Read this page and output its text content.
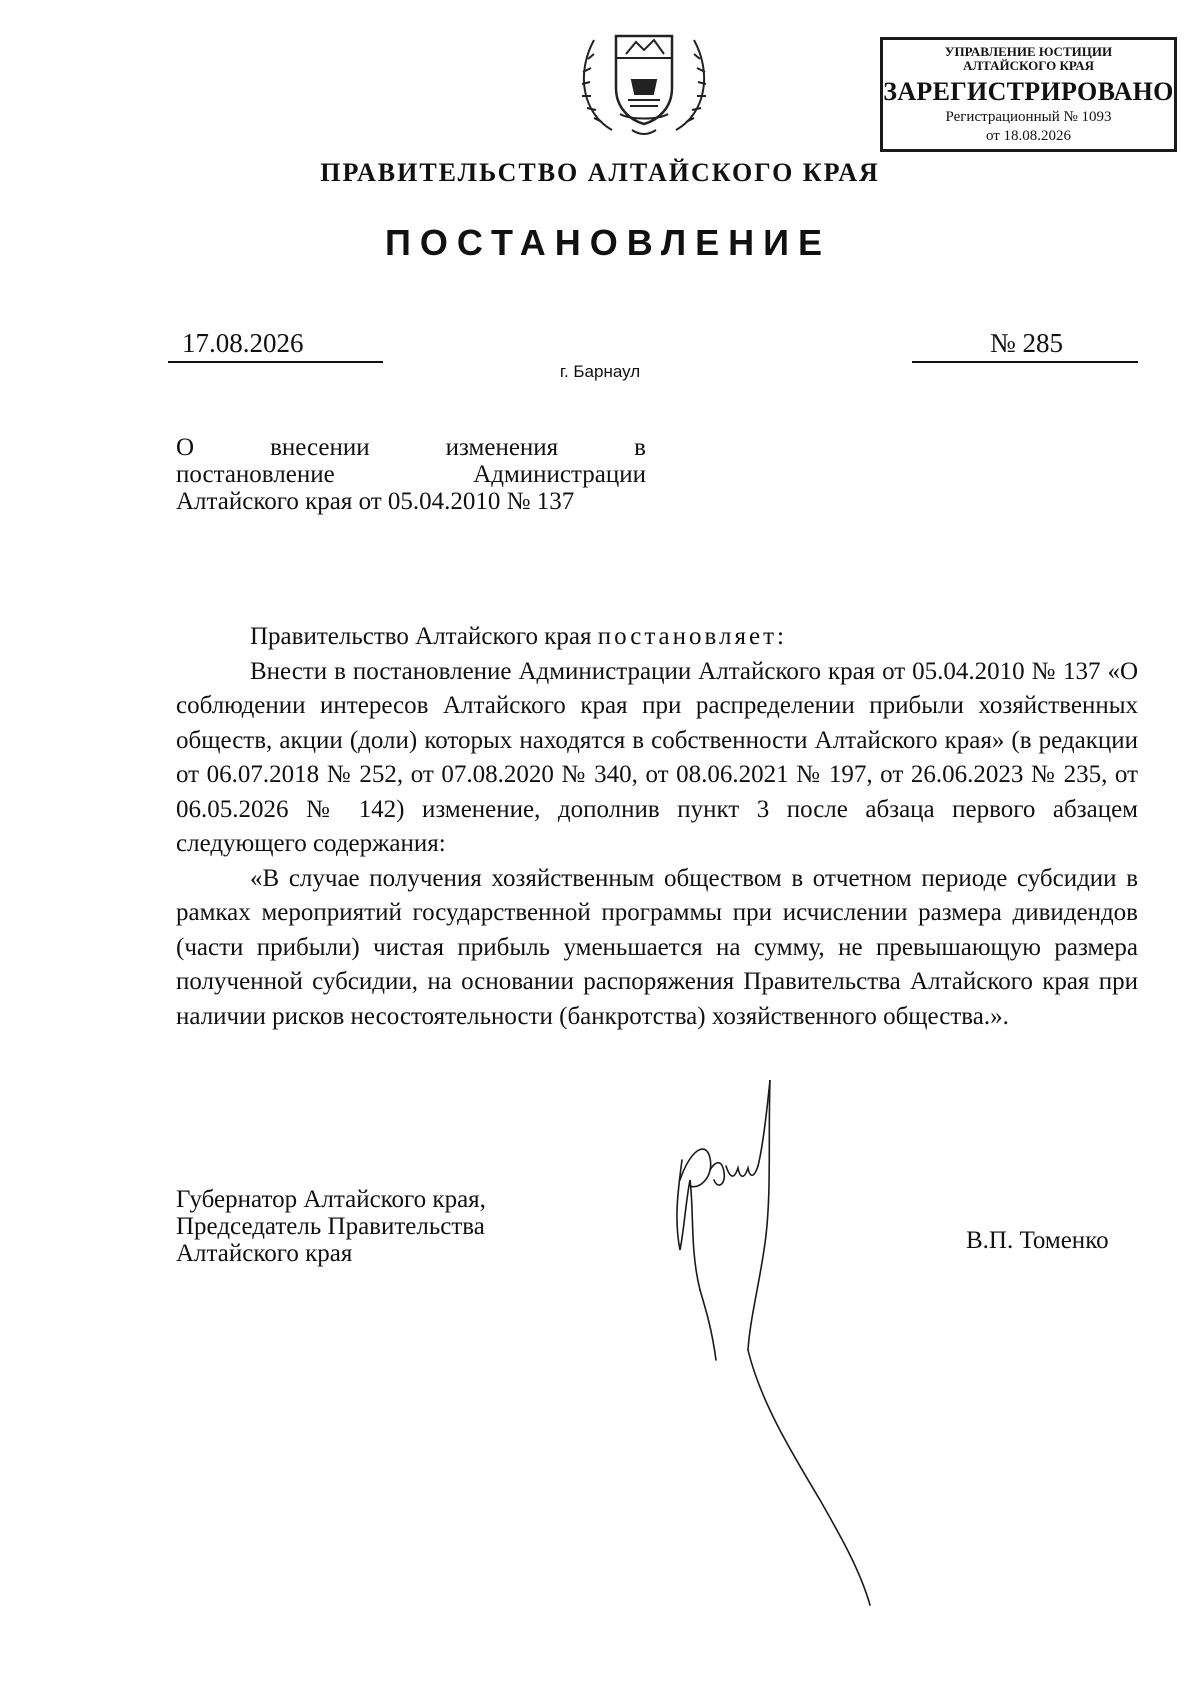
УПРАВЛЕНИЕ ЮСТИЦИИ
АЛТАЙСКОГО КРАЯ
ЗАРЕГИСТРИРОВАНО
Регистрационный № 1093
от 18.08.2026
ПРАВИТЕЛЬСТВО АЛТАЙСКОГО КРАЯ
ПОСТАНОВЛЕНИЕ
17.08.2026	№ 285
г. Барнаул
О внесении изменения в
постановление Администрации
Алтайского края от 05.04.2010 № 137

Правительство Алтайского края постановляет:

Внести в постановление Администрации Алтайского края от 05.04.2010 № 137 «О соблюдении интересов Алтайского края при распределении прибыли хозяйственных обществ, акции (доли) которых находятся в собственности Алтайского края» (в редакции от 06.07.2018 № 252, от 07.08.2020 № 340, от 08.06.2021 № 197, от 26.06.2023 № 235, от 06.05.2026 № 142) изменение, дополнив пункт 3 после абзаца первого абзацем следующего содержания:

«В случае получения хозяйственным обществом в отчетном периоде субсидии в рамках мероприятий государственной программы при исчислении размера дивидендов (части прибыли) чистая прибыль уменьшается на сумму, не превышающую размера полученной субсидии, на основании распоряжения Правительства Алтайского края при наличии рисков несостоятельности (банкротства) хозяйственного общества.».

Губернатор Алтайского края,
Председатель Правительства
Алтайского края	В.П. Томенко
